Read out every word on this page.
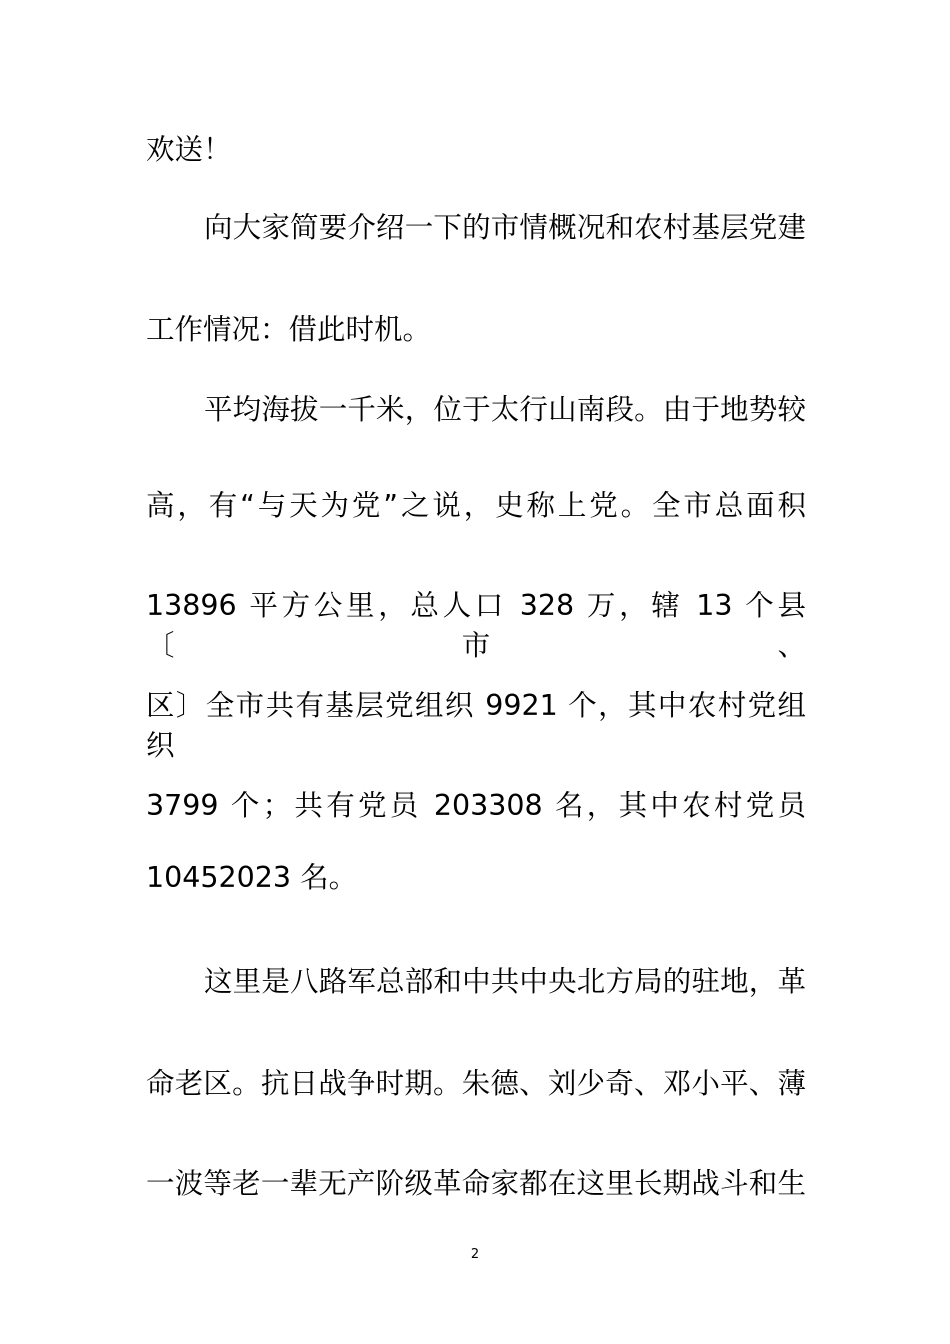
欢送！
向大家简要介绍一下的市情概况和农村基层党建
工作情况：借此时机。
平均海拔一千米，位于太行山南段。由于地势较
高，有“与天为党”之说，史称上党。全市总面积
13896 平方公里，总人口 328 万，辖 13 个县〔市、
区〕全市共有基层党组织 9921 个，其中农村党组织
3799 个；共有党员 203308 名，其中农村党员
10452023 名。
这里是八路军总部和中共中央北方局的驻地，革
命老区。抗日战争时期。朱德、刘少奇、邓小平、薄
一波等老一辈无产阶级革命家都在这里长期战斗和生
2
